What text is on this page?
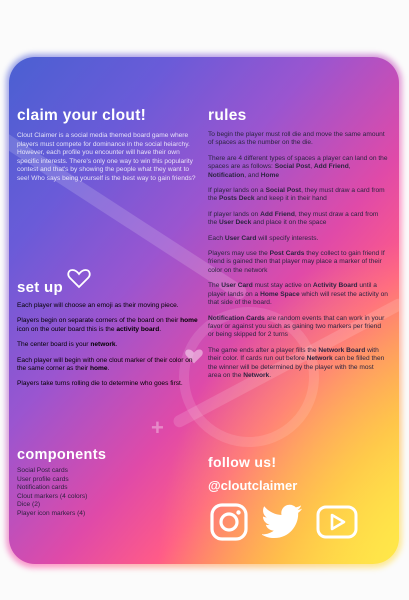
+
claim your clout!

Clout Claimer is a social media themed board game where players must compete for dominance in the social heiarchy. However, each profile you encounter will have their own specific interests. There's only one way to win this popularity contest and that's by showing the people what they want to see! Who says being yourself is the best way to gain friends?

set up

Each player will choose an emoji as their moving piece.

Players begin on separate corners of the board on their home icon on the outer board this is the activity board.

The center board is your network.

Each player will begin with one clout marker of their color on the same corner as their home.

Players take turns rolling die to determine who goes first.

components
Social Post cards
User profile cards
Notification cards
Clout markers (4 colors)
Dice (2)
Player icon markers (4)
rules

To begin the player must roll die and move the same amount of spaces as the number on the die.

There are 4 different types of spaces a player can land on the spaces are as follows: Social Post, Add Friend, Notification, and Home

If player lands on a Social Post, they must draw a card from the Posts Deck and keep it in their hand

If player lands on Add Friend, they must draw a card from the User Deck and place it on the space

Each User Card will specify interests.

Players may use the Post Cards they collect to gain friend If friend is gained then that player may place a marker of their color on the network

The User Card must stay active on Activity Board until a player lands on a Home Space which will reset the activity on that side of the board.

Notification Cards are random events that can work in your favor or against you such as gaining two markers per friend or being skipped for 2 turns

The game ends after a player fills the Network Board with their color. If cards run out before Network can be filled then the winner will be determined by the player with the most area on the Network.

follow us!

@cloutclaimer
